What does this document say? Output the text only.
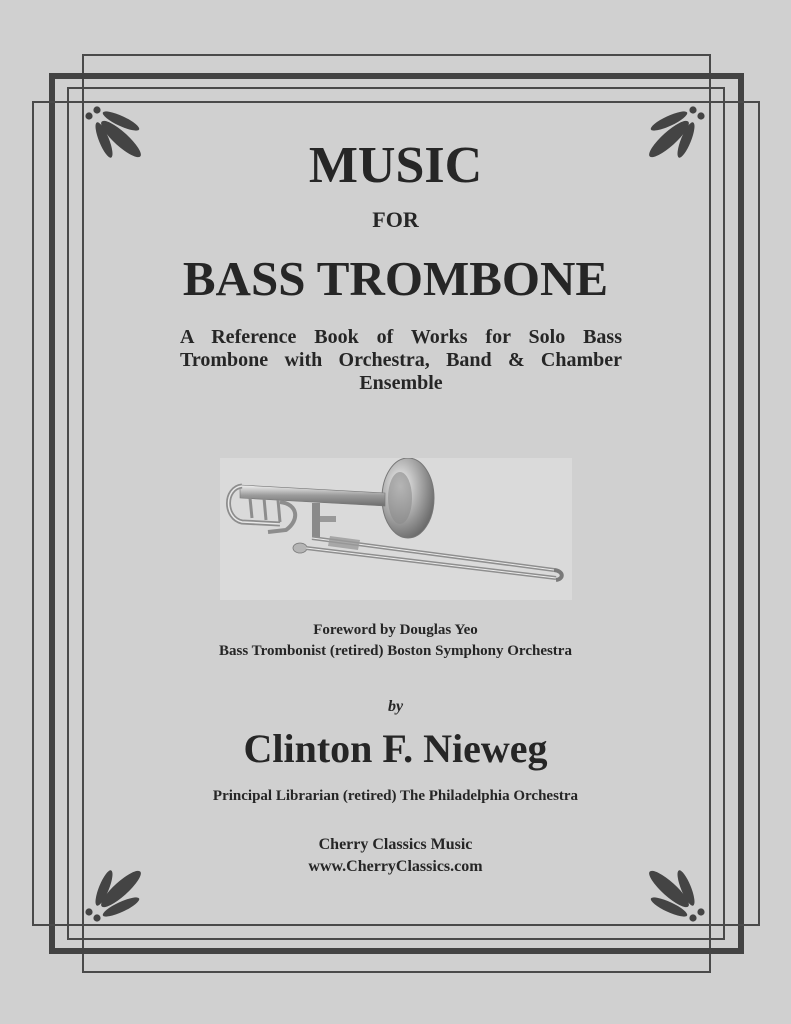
MUSIC
FOR
BASS TROMBONE
A Reference Book of Works for Solo Bass
Trombone with Orchestra, Band & Chamber
Ensemble
Foreword by Douglas Yeo
Bass Trombonist (retired) Boston Symphony Orchestra
by
Clinton F. Nieweg
Principal Librarian (retired) The Philadelphia Orchestra
Cherry Classics Music
www.CherryClassics.com
